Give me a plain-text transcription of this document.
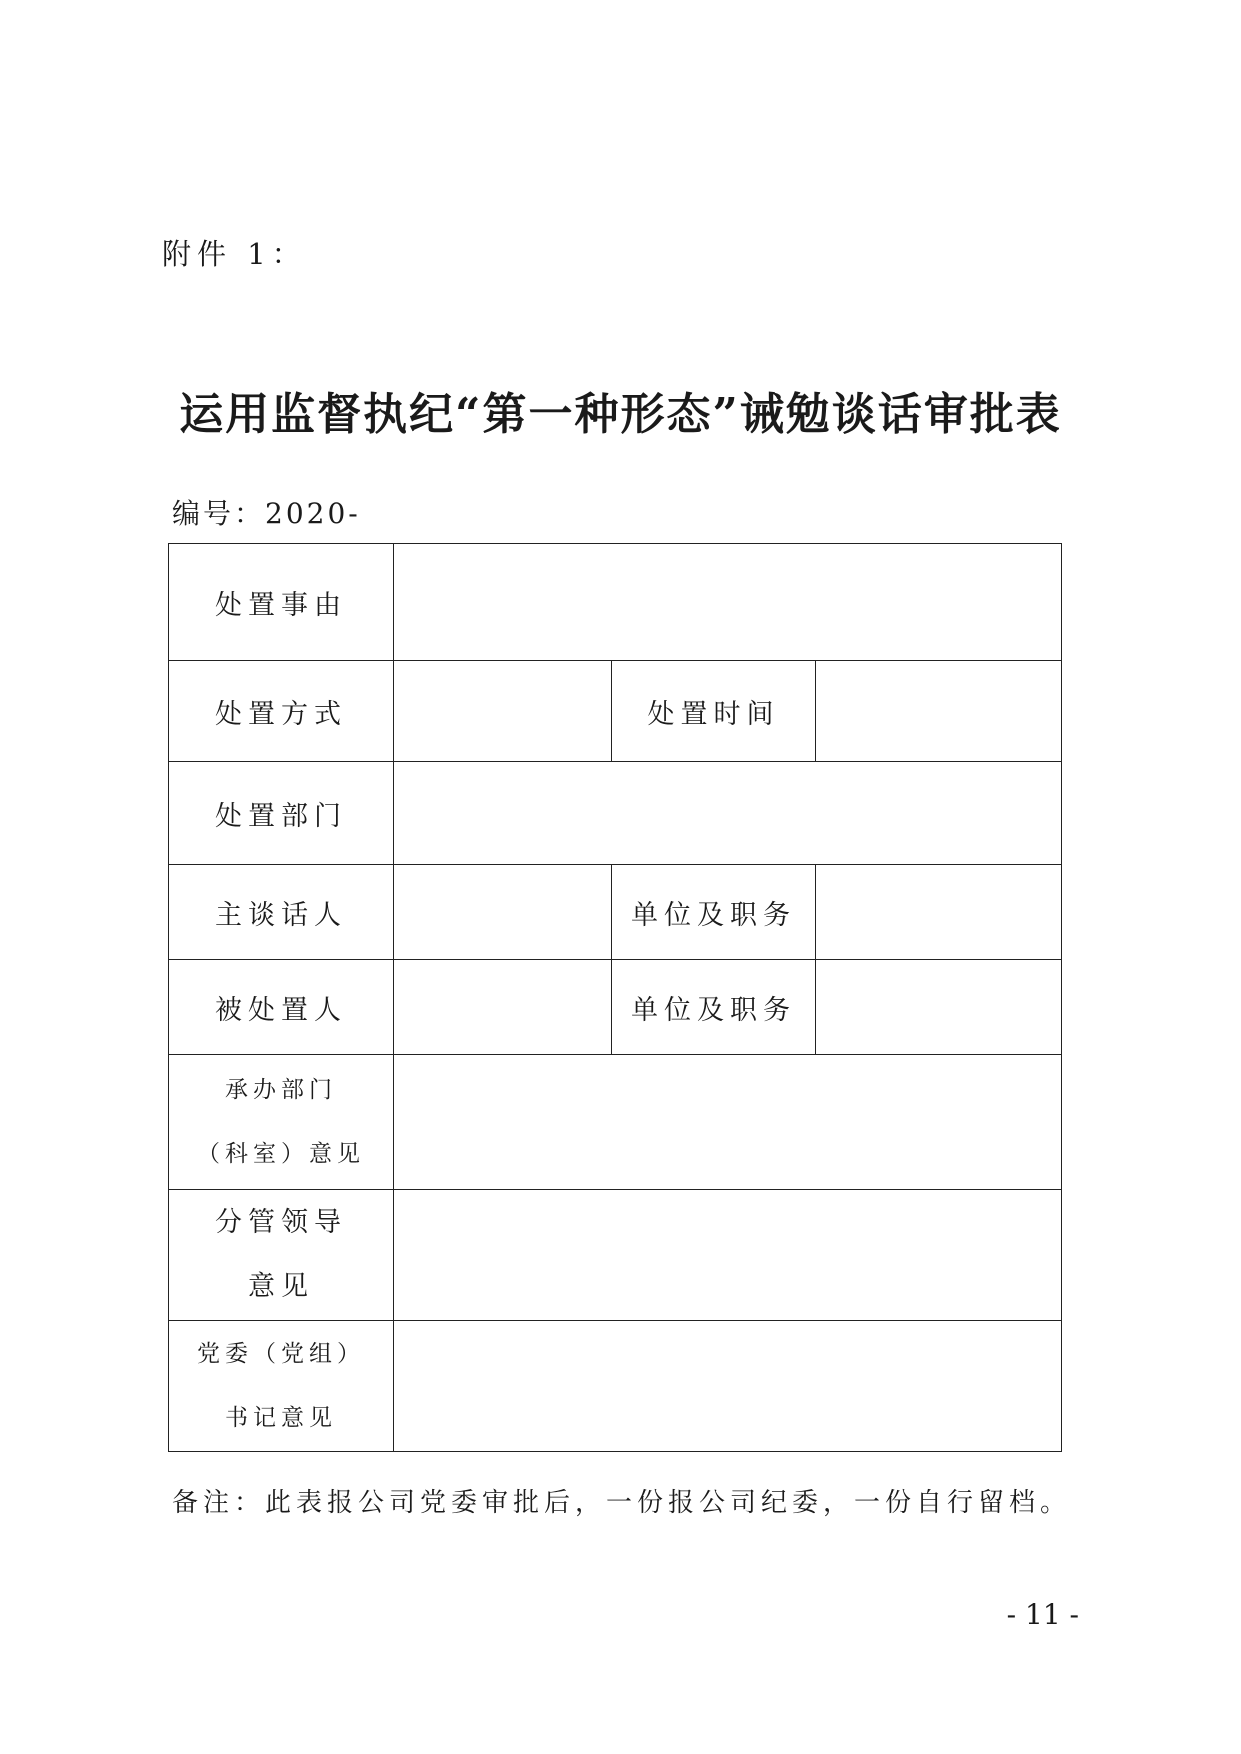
附件 1：
运用监督执纪“第一种形态”诫勉谈话审批表
编号：2020-
处置事由			
处置方式		处置时间	
处置部门			
主谈话人		单位及职务	
被处置人		单位及职务	

承办部门
（科室）意见			

分管领导
意见			

党委（党组）
书记意见			

备注：此表报公司党委审批后，一份报公司纪委，一份自行留档。
- 11 -
